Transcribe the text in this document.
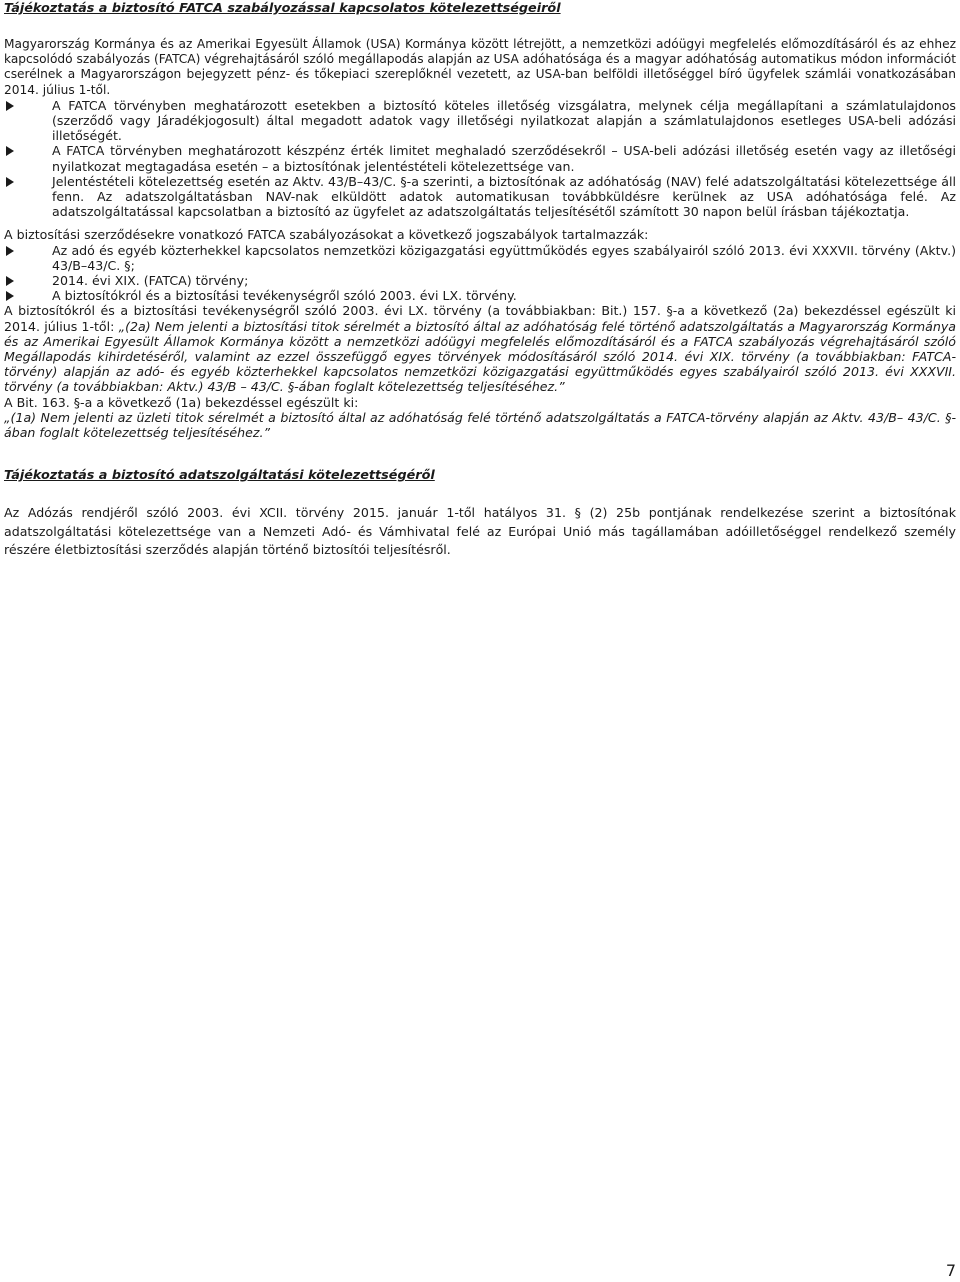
Tájékoztatás a biztosító FATCA szabályozással kapcsolatos kötelezettségeiről

Magyarország Kormánya és az Amerikai Egyesült Államok (USA) Kormánya között létrejött, a nemzetközi adóügyi megfelelés előmozdításáról és az ehhez kapcsolódó szabályozás (FATCA) végrehajtásáról szóló megállapodás alapján az USA adóhatósága és a magyar adóhatóság automatikus módon információt cserélnek a Magyarországon bejegyzett pénz- és tőkepiaci szereplőknél vezetett, az USA-ban belföldi illetőséggel bíró ügyfelek számlái vonatkozásában 2014. július 1-től.

A FATCA törvényben meghatározott esetekben a biztosító köteles illetőség vizsgálatra, melynek célja megállapítani a számlatulajdonos (szerződő vagy Járadékjogosult) által megadott adatok vagy illetőségi nyilatkozat alapján a számlatulajdonos esetleges USA-beli adózási illetőségét.
A FATCA törvényben meghatározott készpénz érték limitet meghaladó szerződésekről – USA-beli adózási illetőség esetén vagy az illetőségi nyilatkozat megtagadása esetén – a biztosítónak jelentéstételi kötelezettsége van.
Jelentéstételi kötelezettség esetén az Aktv. 43/B–43/C. §-a szerinti, a biztosítónak az adóhatóság (NAV) felé adatszolgáltatási kötelezettsége áll fenn. Az adatszolgáltatásban NAV-nak elküldött adatok automatikusan továbbküldésre kerülnek az USA adóhatósága felé. Az adatszolgáltatással kapcsolatban a biztosító az ügyfelet az adatszolgáltatás teljesítésétől számított 30 napon belül írásban tájékoztatja.

A biztosítási szerződésekre vonatkozó FATCA szabályozásokat a következő jogszabályok tartalmazzák:

Az adó és egyéb közterhekkel kapcsolatos nemzetközi közigazgatási együttműködés egyes szabályairól szóló 2013. évi XXXVII. törvény (Aktv.) 43/B–43/C. §;
2014. évi XIX. (FATCA) törvény;
A biztosítókról és a biztosítási tevékenységről szóló 2003. évi LX. törvény.

A biztosítókról és a biztosítási tevékenységről szóló 2003. évi LX. törvény (a továbbiakban: Bit.) 157. §-a a következő (2a) bekezdéssel egészült ki 2014. július 1-től: „(2a) Nem jelenti a biztosítási titok sérelmét a biztosító által az adóhatóság felé történő adatszolgáltatás a Magyarország Kormánya és az Amerikai Egyesült Államok Kormánya között a nemzetközi adóügyi megfelelés előmozdításáról és a FATCA szabályozás végrehajtásáról szóló Megállapodás kihirdetéséről, valamint az ezzel összefüggő egyes törvények módosításáról szóló 2014. évi XIX. törvény (a továbbiakban: FATCA-törvény) alapján az adó- és egyéb közterhekkel kapcsolatos nemzetközi közigazgatási együttműködés egyes szabályairól szóló 2013. évi XXXVII. törvény (a továbbiakban: Aktv.) 43/B – 43/C. §-ában foglalt kötelezettség teljesítéséhez.”

A Bit. 163. §-a a következő (1a) bekezdéssel egészült ki:

„(1a) Nem jelenti az üzleti titok sérelmét a biztosító által az adóhatóság felé történő adatszolgáltatás a FATCA-törvény alapján az Aktv. 43/B– 43/C. §-ában foglalt kötelezettség teljesítéséhez.”

Tájékoztatás a biztosító adatszolgáltatási kötelezettségéről

Az Adózás rendjéről szóló 2003. évi XCII. törvény 2015. január 1-től hatályos 31. § (2) 25b pontjának rendelkezése szerint a biztosítónak adatszolgáltatási kötelezettsége van a Nemzeti Adó- és Vámhivatal felé az Európai Unió más tagállamában adóilletőséggel rendelkező személy részére életbiztosítási szerződés alapján történő biztosítói teljesítésről.

7
